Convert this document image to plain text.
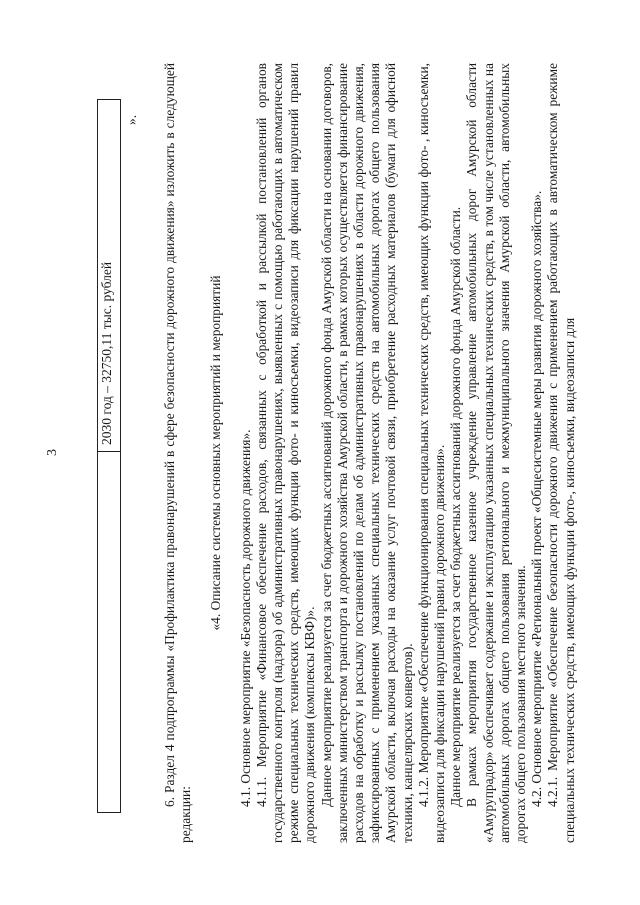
3
	2030 год – 32750,11 тыс. рублей
». 6. Раздел 4 подпрограммы «Профилактика правонарушений в сфере безопасности дорожного движения» изложить в следующей редакции:

«4. Описание системы основных мероприятий и мероприятий 4.1. Основное мероприятие «Безопасность дорожного движения». 4.1.1. Мероприятие «Финансовое обеспечение расходов, связанных с обработкой и рассылкой постановлений органов государственного контроля (надзора) об административных правонарушениях, выявленных с помощью работающих в автоматическом режиме специальных технических средств, имеющих функции фото- и киносъемки, видеозаписи для фиксации нарушений правил дорожного движения (комплексы КВФ)». Данное мероприятие реализуется за счет бюджетных ассигнований дорожного фонда Амурской области на основании договоров, заключенных министерством транспорта и дорожного хозяйства Амурской области, в рамках которых осуществляется финансирование расходов на обработку и рассылку постановлений по делам об административных правонарушениях в области дорожного движения, зафиксированных с применением указанных специальных технических средств на автомобильных дорогах общего пользования Амурской области, включая расходы на оказание услуг почтовой связи, приобретение расходных материалов (бумаги для офисной техники, канцелярских конвертов). 4.1.2. Мероприятие «Обеспечение функционирования специальных технических средств, имеющих функции фото- , киносъемки, видеозаписи для фиксации нарушений правил дорожного движения». Данное мероприятие реализуется за счет бюджетных ассигнований дорожного фонда Амурской области. В рамках мероприятия государственное казенное учреждение управление автомобильных дорог Амурской области «Амурупрадор» обеспечивает содержание и эксплуатацию указанных специальных технических средств, в том числе установленных на автомобильных дорогах общего пользования регионального и межмуниципального значения Амурской области, автомобильных дорогах общего пользования местного значения. 4.2. Основное мероприятие «Региональный проект «Общесистемные меры развития дорожного хозяйства». 4.2.1. Мероприятие «Обеспечение безопасности дорожного движения с применением работающих в автоматическом режиме специальных технических средств, имеющих функции фото-, киносъемки, видеозаписи для
